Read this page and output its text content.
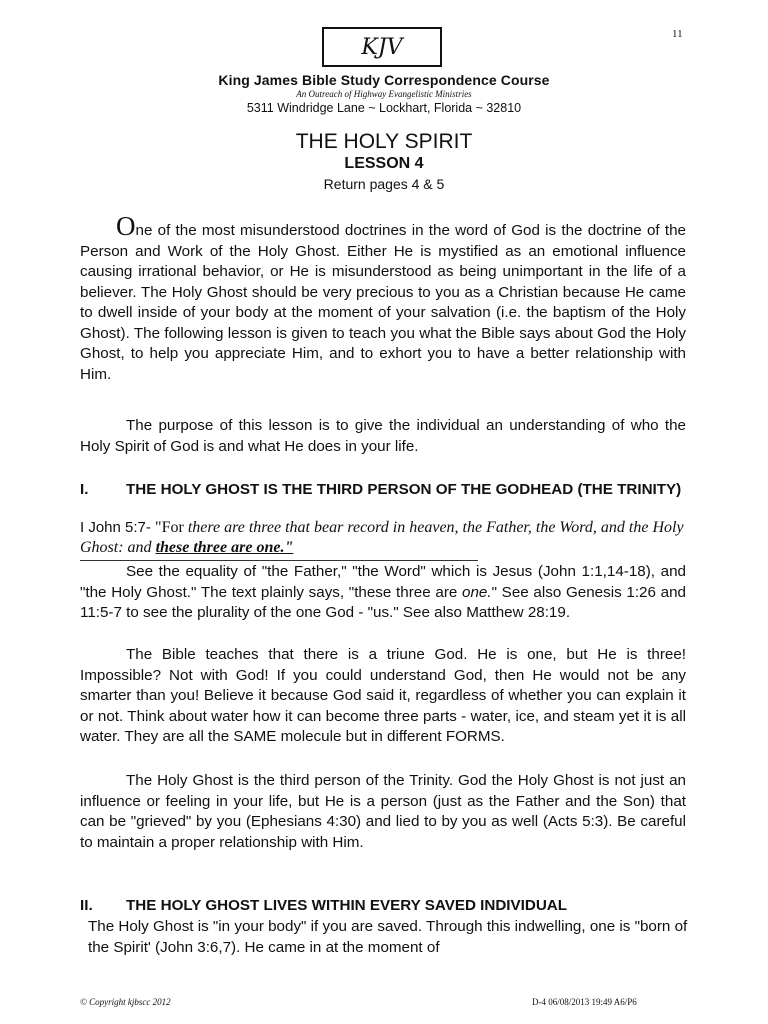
11
KJV
King James Bible Study Correspondence Course
An Outreach of Highway Evangelistic Ministries
5311 Windridge Lane ~ Lockhart, Florida ~ 32810
THE HOLY SPIRIT
LESSON 4
Return pages 4 & 5
One of the most misunderstood doctrines in the word of God is the doctrine of the Person and Work of the Holy Ghost. Either He is mystified as an emotional influence causing irrational behavior, or He is misunderstood as being unimportant in the life of a believer. The Holy Ghost should be very precious to you as a Christian because He came to dwell inside of your body at the moment of your salvation (i.e. the baptism of the Holy Ghost). The following lesson is given to teach you what the Bible says about God the Holy Ghost, to help you appreciate Him, and to exhort you to have a better relationship with Him.
The purpose of this lesson is to give the individual an understanding of who the Holy Spirit of God is and what He does in your life.
I. THE HOLY GHOST IS THE THIRD PERSON OF THE GODHEAD (THE TRINITY)
I John 5:7- "For there are three that bear record in heaven, the Father, the Word, and the Holy Ghost: and these three are one."
See the equality of "the Father," "the Word" which is Jesus (John 1:1,14-18), and "the Holy Ghost." The text plainly says, "these three are one." See also Genesis 1:26 and 11:5-7 to see the plurality of the one God - "us." See also Matthew 28:19.
The Bible teaches that there is a triune God. He is one, but He is three! Impossible? Not with God! If you could understand God, then He would not be any smarter than you! Believe it because God said it, regardless of whether you can explain it or not. Think about water how it can become three parts - water, ice, and steam yet it is all water. They are all the SAME molecule but in different FORMS.
The Holy Ghost is the third person of the Trinity. God the Holy Ghost is not just an influence or feeling in your life, but He is a person (just as the Father and the Son) that can be "grieved" by you (Ephesians 4:30) and lied to by you as well (Acts 5:3). Be careful to maintain a proper relationship with Him.
II. THE HOLY GHOST LIVES WITHIN EVERY SAVED INDIVIDUAL
The Holy Ghost is "in your body" if you are saved. Through this indwelling, one is "born of the Spirit' (John 3:6,7). He came in at the moment of
© Copyright kjbscc 2012	D-4 06/08/2013 19:49 A6/P6
